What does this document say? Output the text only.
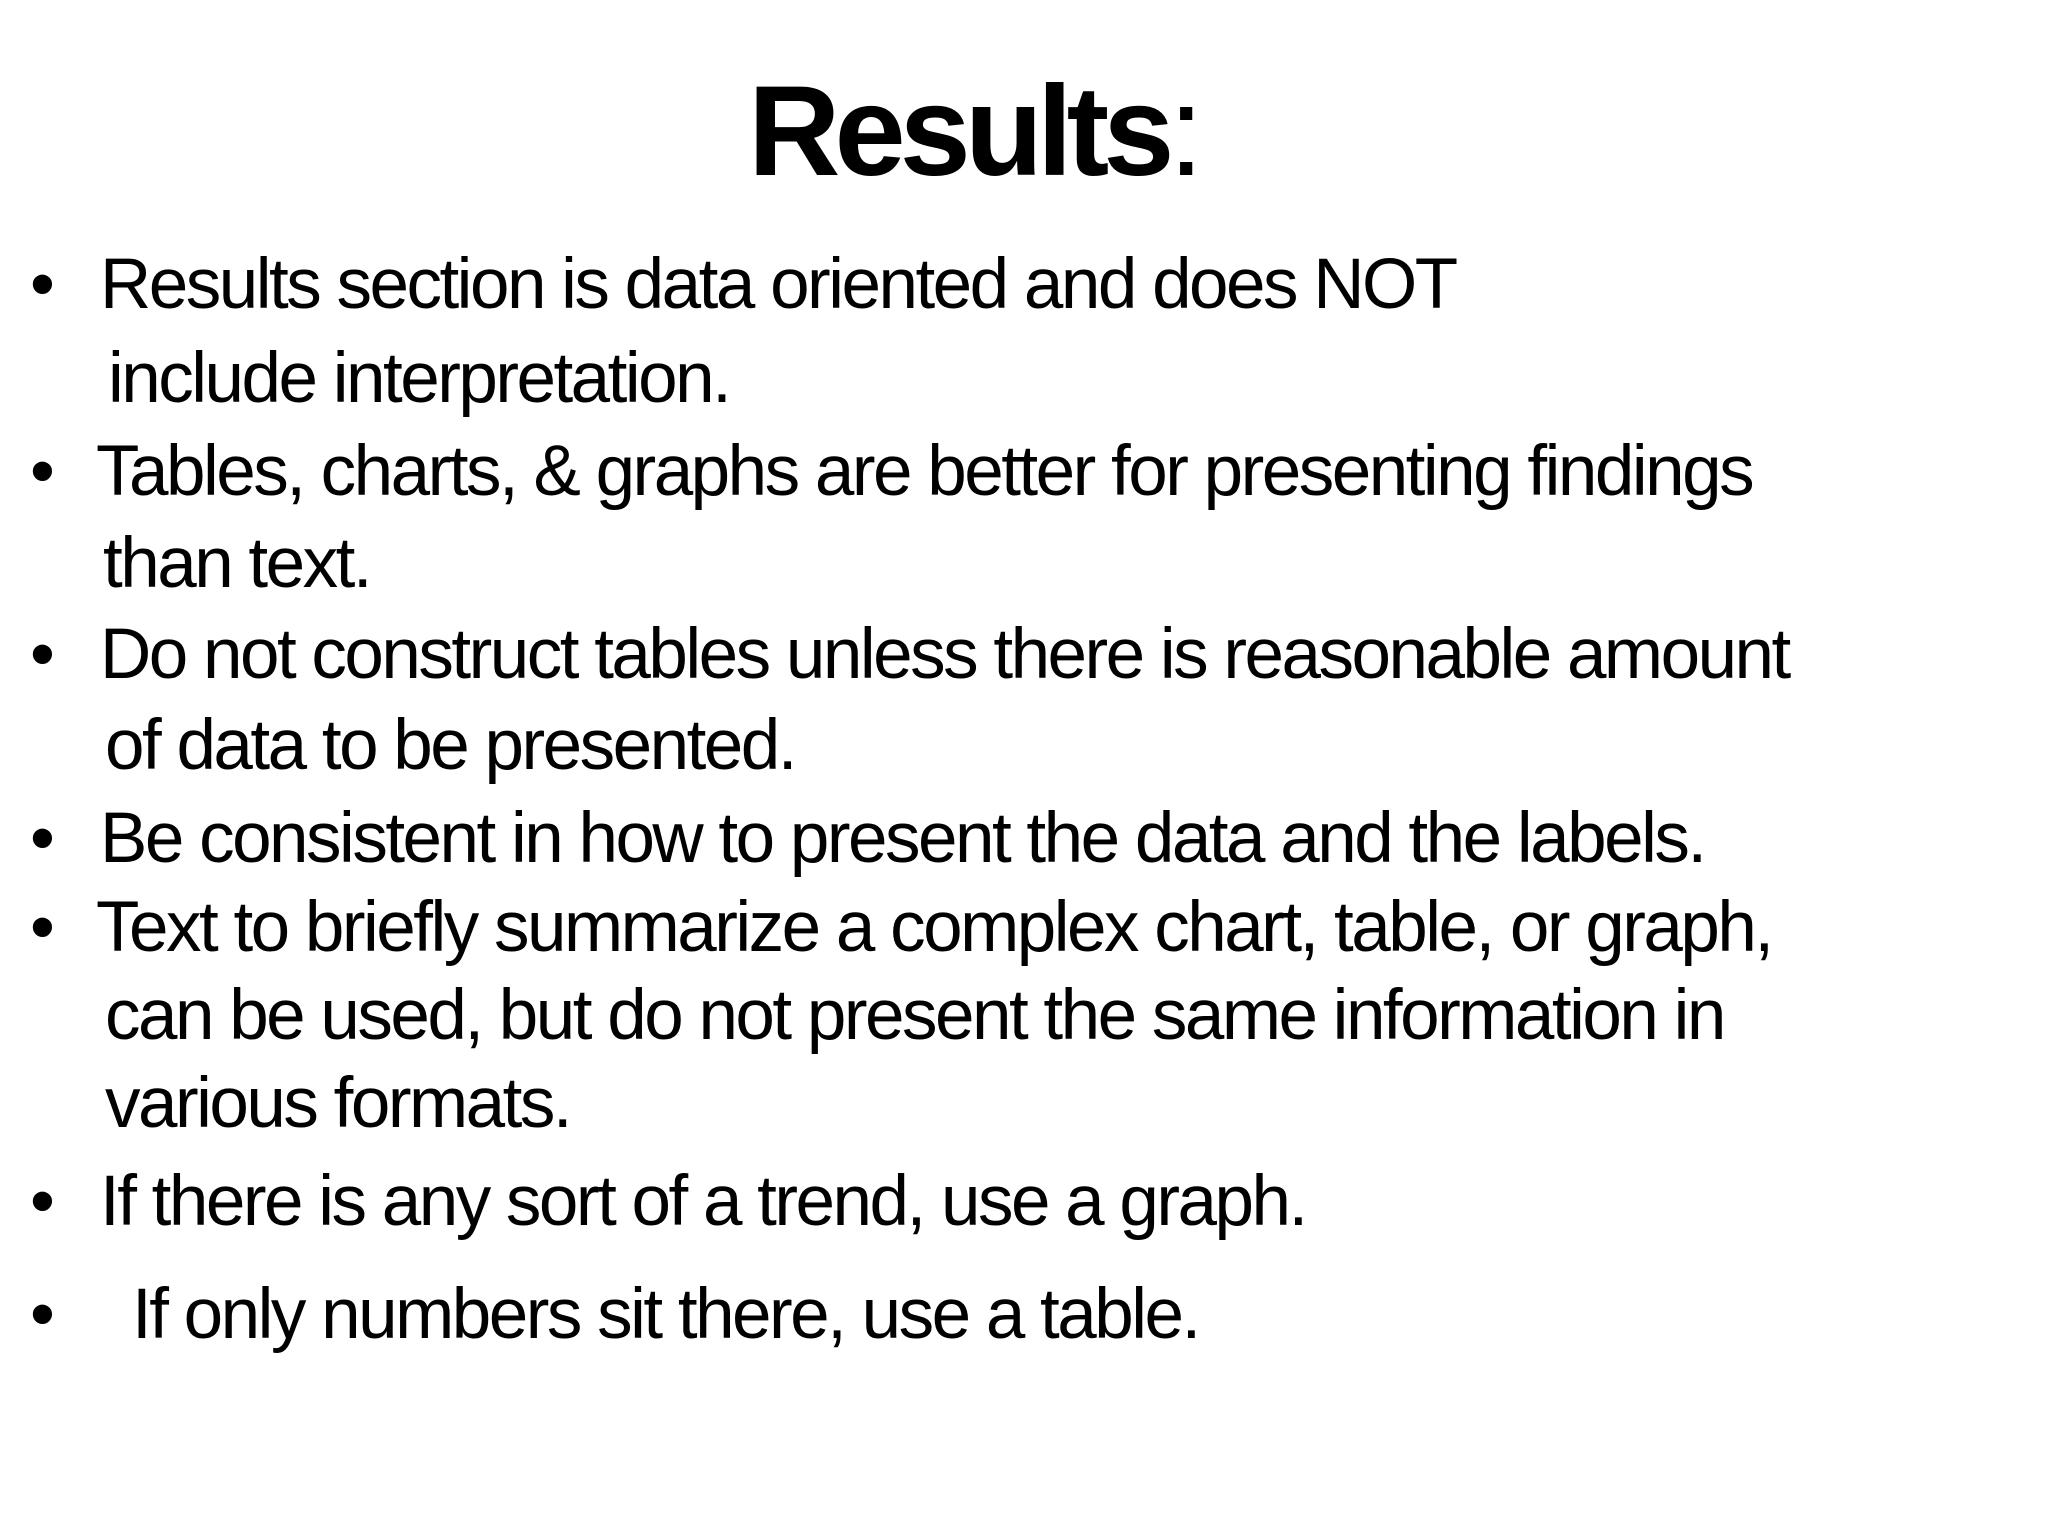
Results:
• Results section is data oriented and does NOT
include interpretation.
• Tables, charts, & graphs are better for presenting findings
than text.
• Do not construct tables unless there is reasonable amount
of data to be presented.
• Be consistent in how to present the data and the labels.
• Text to briefly summarize a complex chart, table, or graph,
can be used, but do not present the same information in
various formats.
• If there is any sort of a trend, use a graph.
• If only numbers sit there, use a table.
